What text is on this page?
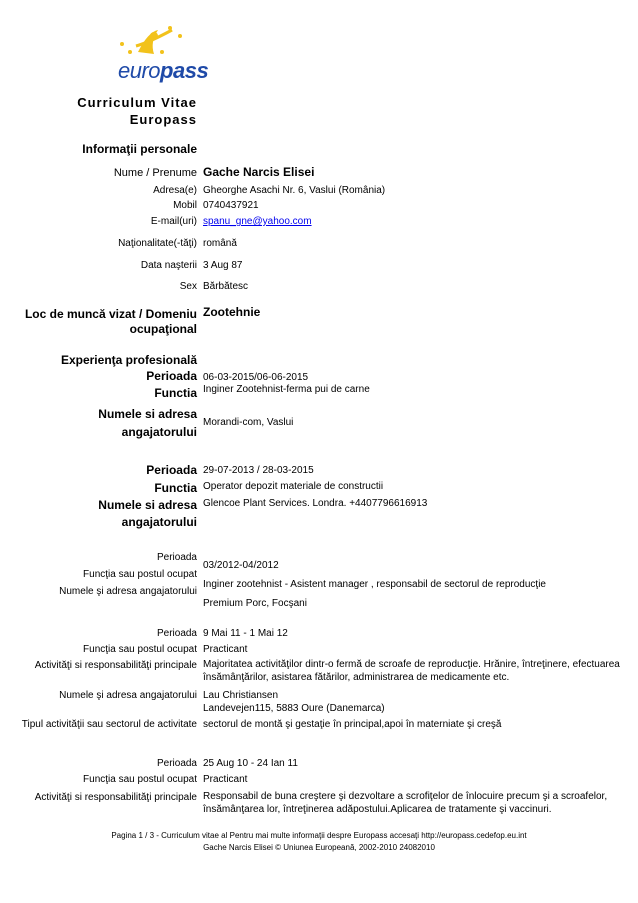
europass
Curriculum Vitae
Europass
Informaţii personale
Nume / Prenume Gache Narcis Elisei
Adresa(e) Gheorghe Asachi Nr. 6, Vaslui (România)
Mobil 0740437921
E-mail(uri) spanu_gne@yahoo.com
Naţionalitate(-tăţi) română
Data naşterii 3 Aug 87
Sex Bărbătesc
Loc de muncă vizat / Domeniu
ocupaţional
Zootehnie
Experienţa profesională
Perioada 06-03-2015/06-06-2015
Functia Inginer Zootehnist-ferma pui de carne
Numele si adresa
angajatorului
Morandi-com, Vaslui
Perioada 29-07-2013 / 28-03-2015
Functia Operator depozit materiale de constructii
Numele si adresa
angajatorului
Glencoe Plant Services. Londra. +4407796616913
Perioada
03/2012-04/2012
Funcţia sau postul ocupat
Inginer zootehnist - Asistent manager , responsabil de sectorul de reproducţie
Numele şi adresa angajatorului
Premium Porc, Focşani
Perioada 9 Mai 11 - 1 Mai 12
Funcţia sau postul ocupat Practicant
Activităţi si responsabilităţi principale Majoritatea activităţilor dintr-o fermă de scroafe de reproducţie. Hrănire, întreţinere, efectuarea
însămânţărilor, asistarea fătărilor, administrarea de medicamente etc.
Numele şi adresa angajatorului Lau Christiansen
Landevejen115, 5883 Oure (Danemarca)
Tipul activităţii sau sectorul de activitate sectorul de montă şi gestaţie în principal,apoi în materniate şi creşă
Perioada 25 Aug 10 - 24 Ian 11
Funcţia sau postul ocupat Practicant
Activităţi si responsabilităţi principale Responsabil de buna creştere şi dezvoltare a scrofiţelor de înlocuire precum şi a scroafelor,
însămânţarea lor, întreţinerea adăpostului.Aplicarea de tratamente şi vaccinuri.
Pagina 1 / 3 - Curriculum vitae al Pentru mai multe informaţii despre Europass accesaţi http://europass.cedefop.eu.int
Gache Narcis Elisei © Uniunea Europeană, 2002-2010 24082010
